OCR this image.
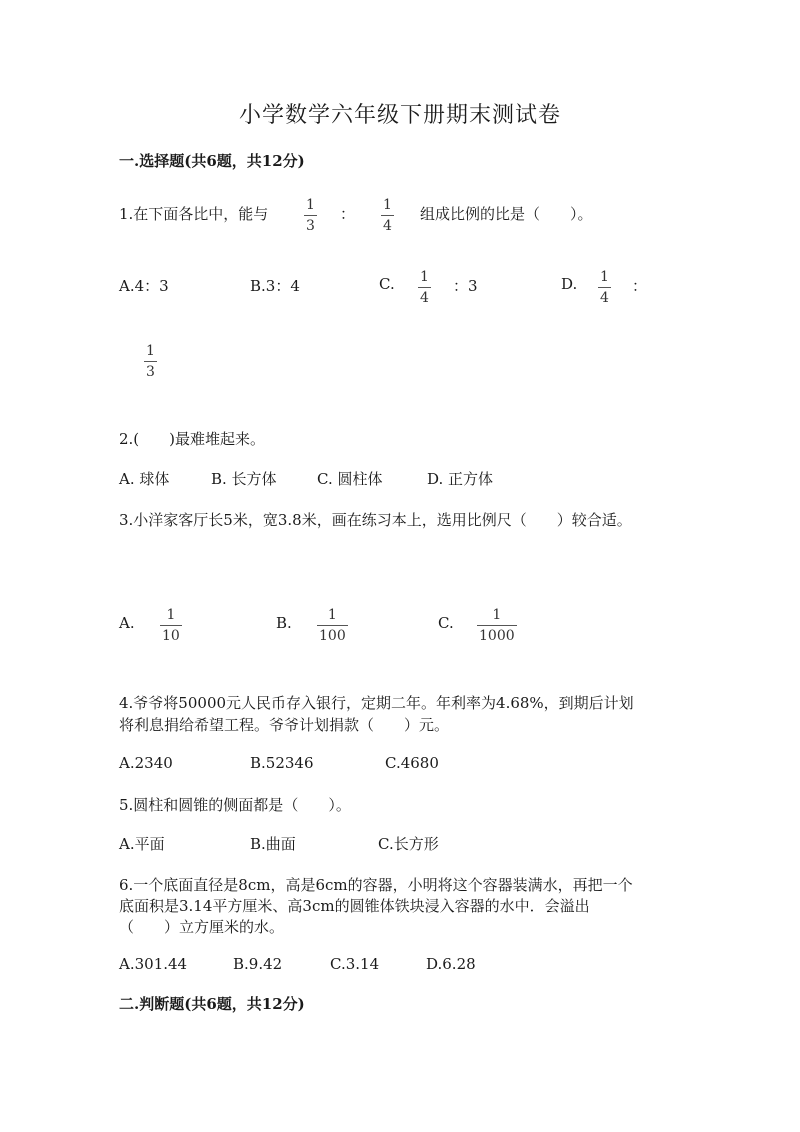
小学数学六年级下册期末测试卷
一.选择题(共6题，共12分)
1.在下面各比中，能与	1
3
： 1
4
组成比例的比是（　　）。
A.4：3	B.3：4	C. 1
4
：3	D. 1
4
：
1
3
2.(　　)最难堆起来。
A. 球体	B. 长方体	C. 圆柱体	D. 正方体
3.小洋家客厅长5米，宽3.8米，画在练习本上，选用比例尺（　　）较合适。
A. 1
10
B.	1
100
C.	1
1000
4.爷爷将50000元人民币存入银行，定期二年。年利率为4.68%，到期后计划
将利息捐给希望工程。爷爷计划捐款（　　）元。
A.2340	B.52346	C.4680
5.圆柱和圆锥的侧面都是（　　）。
A.平面	B.曲面	C.长方形
6.一个底面直径是8cm，高是6cm的容器，小明将这个容器装满水，再把一个
底面积是3.14平方厘米、高3cm的圆锥体铁块浸入容器的水中．会溢出
（　　）立方厘米的水。
A.301.44	B.9.42	C.3.14	D.6.28
二.判断题(共6题，共12分)
